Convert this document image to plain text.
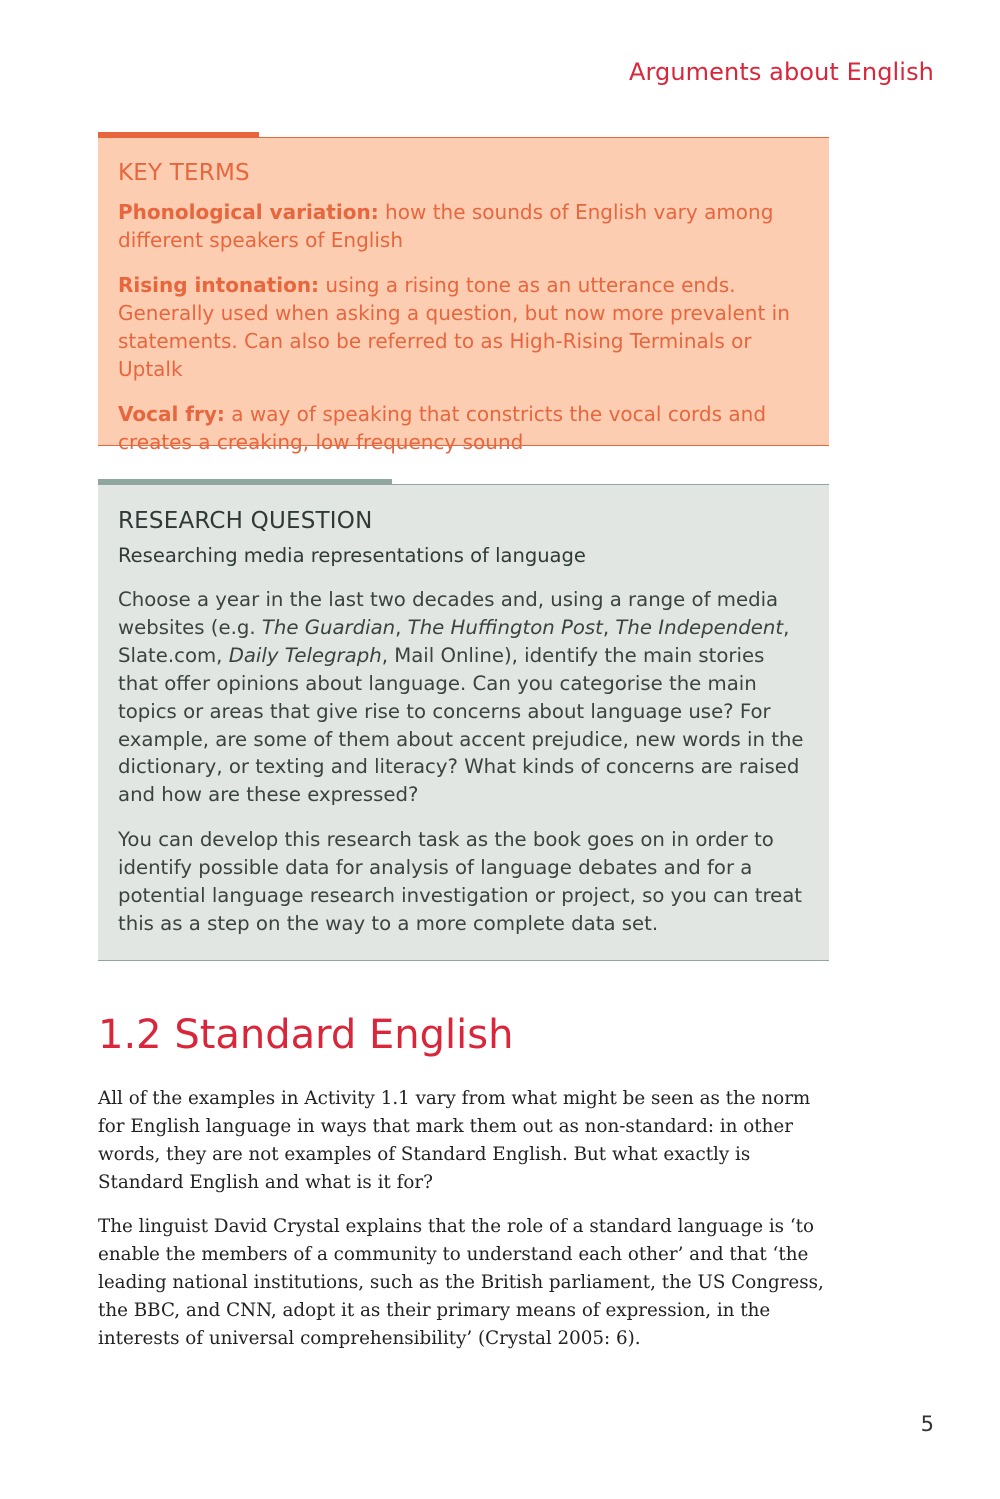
Arguments about English
KEY TERMS

Phonological variation: how the sounds of English vary among different speakers of English

Rising intonation: using a rising tone as an utterance ends. Generally used when asking a question, but now more prevalent in statements. Can also be referred to as High-Rising Terminals or Uptalk

Vocal fry: a way of speaking that constricts the vocal cords and creates a creaking, low frequency sound

RESEARCH QUESTION
Researching media representations of language

Choose a year in the last two decades and, using a range of media websites (e.g. The Guardian, The Huffington Post, The Independent, Slate.com, Daily Telegraph, Mail Online), identify the main stories that offer opinions about language. Can you categorise the main topics or areas that give rise to concerns about language use? For example, are some of them about accent prejudice, new words in the dictionary, or texting and literacy? What kinds of concerns are raised and how are these expressed?

You can develop this research task as the book goes on in order to identify possible data for analysis of language debates and for a potential language research investigation or project, so you can treat this as a step on the way to a more complete data set.

1.2 Standard English

All of the examples in Activity 1.1 vary from what might be seen as the norm for English language in ways that mark them out as non-standard: in other words, they are not examples of Standard English. But what exactly is Standard English and what is it for?

The linguist David Crystal explains that the role of a standard language is ‘to enable the members of a community to understand each other’ and that ‘the leading national institutions, such as the British parliament, the US Congress, the BBC, and CNN, adopt it as their primary means of expression, in the interests of universal comprehensibility’ (Crystal 2005: 6).

5
